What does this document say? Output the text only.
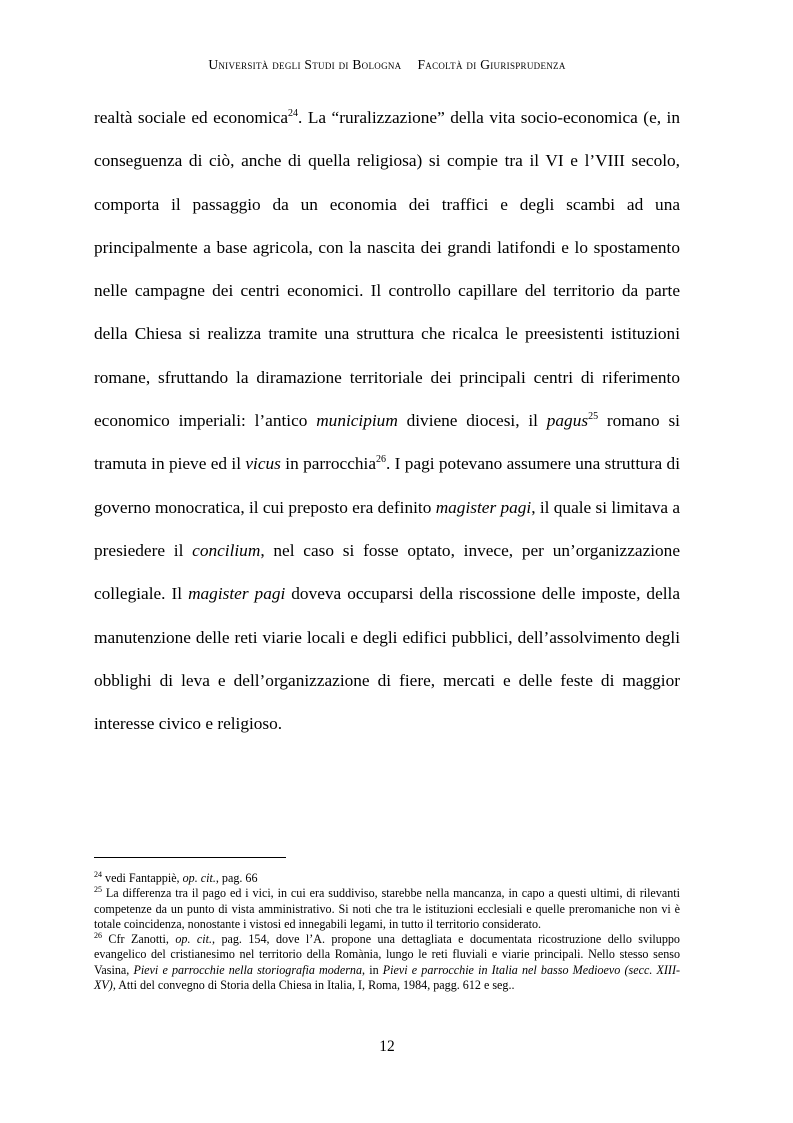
Università degli Studi di Bologna Facoltà di Giurisprudenza

realtà sociale ed economica$^{24}$. La “ruralizzazione” della vita socio-economica (e, in conseguenza di ciò, anche di quella religiosa) si compie tra il VI e l’VIII secolo, comporta il passaggio da un economia dei traffici e degli scambi ad una principalmente a base agricola, con la nascita dei grandi latifondi e lo spostamento nelle campagne dei centri economici. Il controllo capillare del territorio da parte della Chiesa si realizza tramite una struttura che ricalca le preesistenti istituzioni romane, sfruttando la diramazione territoriale dei principali centri di riferimento economico imperiali: l’antico municipium diviene diocesi, il pagus$^{25}$ romano si tramuta in pieve ed il vicus in parrocchia$^{26}$. I pagi potevano assumere una struttura di governo monocratica, il cui preposto era definito magister pagi, il quale si limitava a presiedere il concilium, nel caso si fosse optato, invece, per un’organizzazione collegiale. Il magister pagi doveva occuparsi della riscossione delle imposte, della manutenzione delle reti viarie locali e degli edifici pubblici, dell’assolvimento degli obblighi di leva e dell’organizzazione di fiere, mercati e delle feste di maggior interesse civico e religioso.

$^{24}$ vedi Fantappiè, op. cit., pag. 66

$^{25}$ La differenza tra il pago ed i vici, in cui era suddiviso, starebbe nella mancanza, in capo a questi ultimi, di rilevanti competenze da un punto di vista amministrativo. Si noti che tra le istituzioni ecclesiali e quelle preromaniche non vi è totale coincidenza, nonostante i vistosi ed innegabili legami, in tutto il territorio considerato.

$^{26}$ Cfr Zanotti, op. cit., pag. 154, dove l’A. propone una dettagliata e documentata ricostruzione dello sviluppo evangelico del cristianesimo nel territorio della Romània, lungo le reti fluviali e viarie principali. Nello stesso senso Vasina, Pievi e parrocchie nella storiografia moderna, in Pievi e parrocchie in Italia nel basso Medioevo (secc. XIII-XV), Atti del convegno di Storia della Chiesa in Italia, I, Roma, 1984, pagg. 612 e seg..

12
